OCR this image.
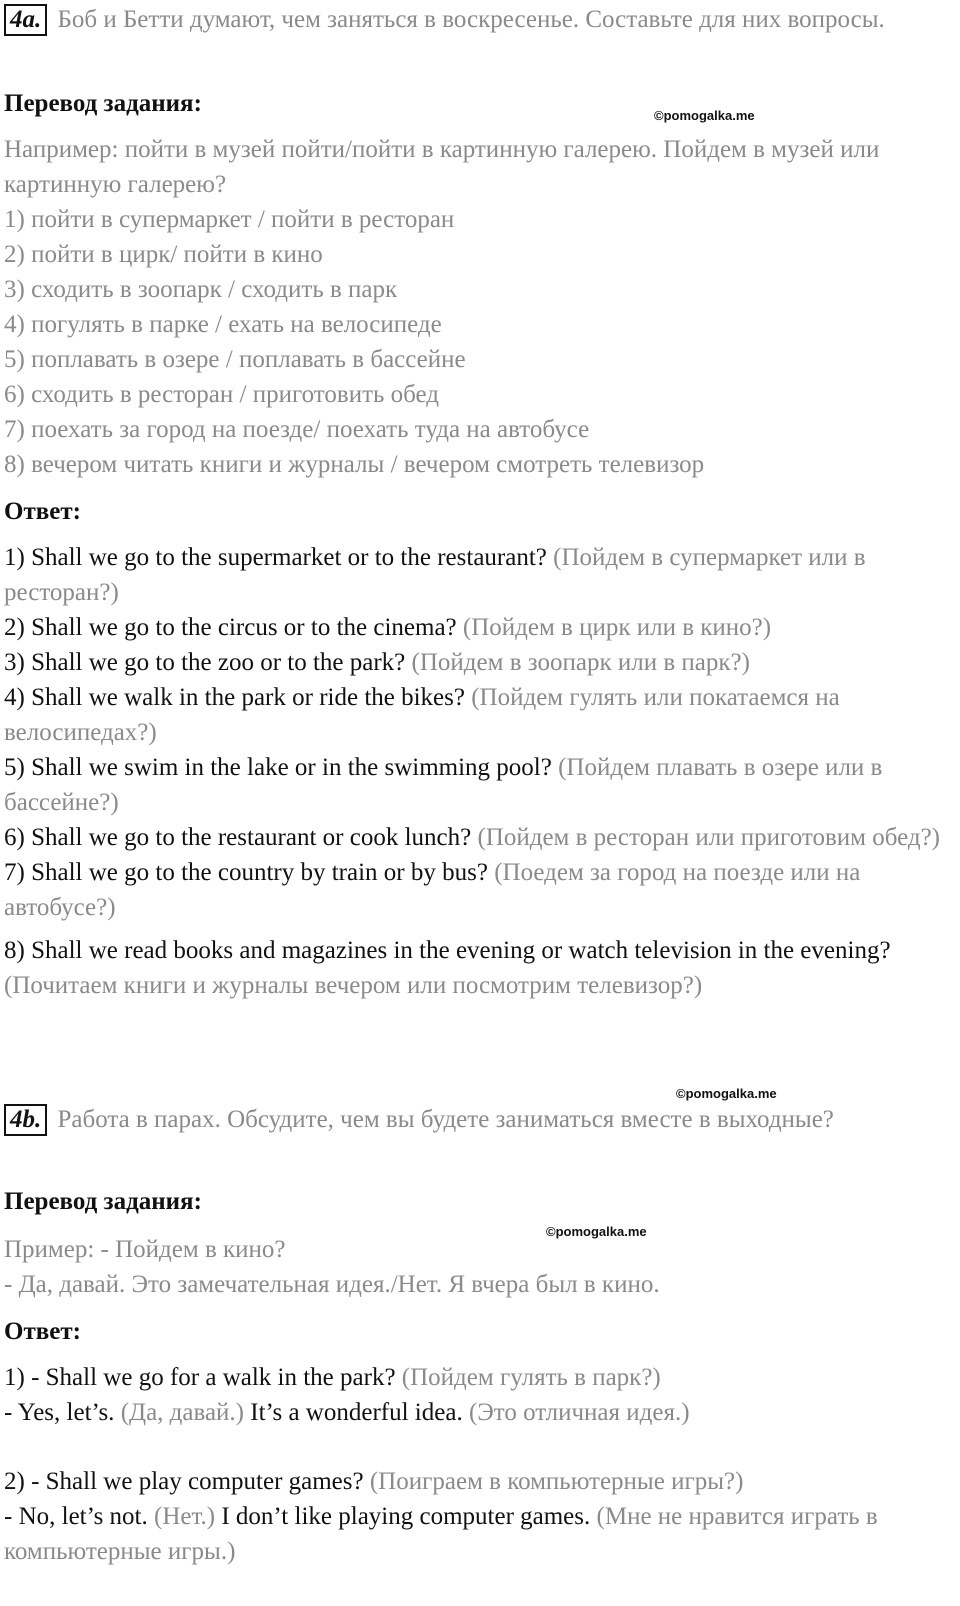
4a. Боб и Бетти думают, чем заняться в воскресенье. Составьте для них вопросы.
Перевод задания:	©pomogalka.me
Например: пойти в музей пойти/пойти в картинную галерею. Пойдем в музей или картинную галерею?
1) пойти в супермаркет / пойти в ресторан
2) пойти в цирк/ пойти в кино
3) сходить в зоопарк / сходить в парк
4) погулять в парке / ехать на велосипеде
5) поплавать в озере / поплавать в бассейне
6) сходить в ресторан / приготовить обед
7) поехать за город на поезде/ поехать туда на автобусе
8) вечером читать книги и журналы / вечером смотреть телевизор
Ответ:
1) Shall we go to the supermarket or to the restaurant? (Пойдем в супермаркет или в ресторан?)
2) Shall we go to the circus or to the cinema? (Пойдем в цирк или в кино?)
3) Shall we go to the zoo or to the park? (Пойдем в зоопарк или в парк?)
4) Shall we walk in the park or ride the bikes? (Пойдем гулять или покатаемся на велосипедах?)
5) Shall we swim in the lake or in the swimming pool? (Пойдем плавать в озере или в бассейне?)
6) Shall we go to the restaurant or cook lunch? (Пойдем в ресторан или приготовим обед?)
7) Shall we go to the country by train or by bus? (Поедем за город на поезде или на автобусе?)
8) Shall we read books and magazines in the evening or watch television in the evening? (Почитаем книги и журналы вечером или посмотрим телевизор?)
©pomogalka.me
4b. Работа в парах. Обсудите, чем вы будете заниматься вместе в выходные?
Перевод задания:
©pomogalka.me
Пример: - Пойдем в кино?
- Да, давай. Это замечательная идея./Нет. Я вчера был в кино.
Ответ:
1) - Shall we go for a walk in the park? (Пойдем гулять в парк?)
- Yes, let’s. (Да, давай.) It’s a wonderful idea. (Это отличная идея.)
2) - Shall we play computer games? (Поиграем в компьютерные игры?)
- No, let’s not. (Нет.) I don’t like playing computer games. (Мне не нравится играть в компьютерные игры.)
